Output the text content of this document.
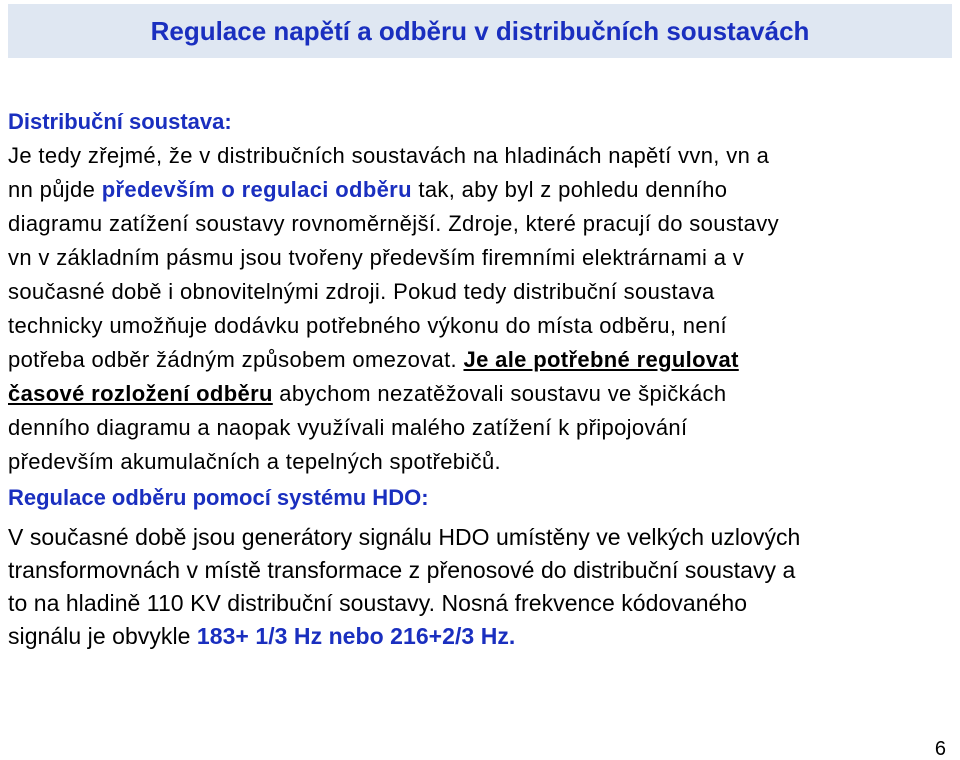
Regulace napětí a odběru v distribučních soustavách
Distribuční soustava:
Je tedy zřejmé, že v distribučních soustavách na hladinách napětí vvn, vn a
nn půjde především o regulaci odběru tak, aby byl z pohledu denního
diagramu zatížení soustavy rovnoměrnější. Zdroje, které pracují do soustavy
vn v základním pásmu jsou tvořeny především firemními elektrárnami a v
současné době i obnovitelnými zdroji. Pokud tedy distribuční soustava
technicky umožňuje dodávku potřebného výkonu do místa odběru, není
potřeba odběr žádným způsobem omezovat. Je ale potřebné regulovat
časové rozložení odběru abychom nezatěžovali soustavu ve špičkách
denního diagramu a naopak využívali malého zatížení k připojování
především akumulačních a tepelných spotřebičů.
Regulace odběru pomocí systému HDO:
V současné době jsou generátory signálu HDO umístěny ve velkých uzlových
transformovnách v místě transformace z přenosové do distribuční soustavy a
to na hladině 110 KV distribuční soustavy. Nosná frekvence kódovaného
signálu je obvykle 183+ 1/3 Hz nebo 216+2/3 Hz.
6
